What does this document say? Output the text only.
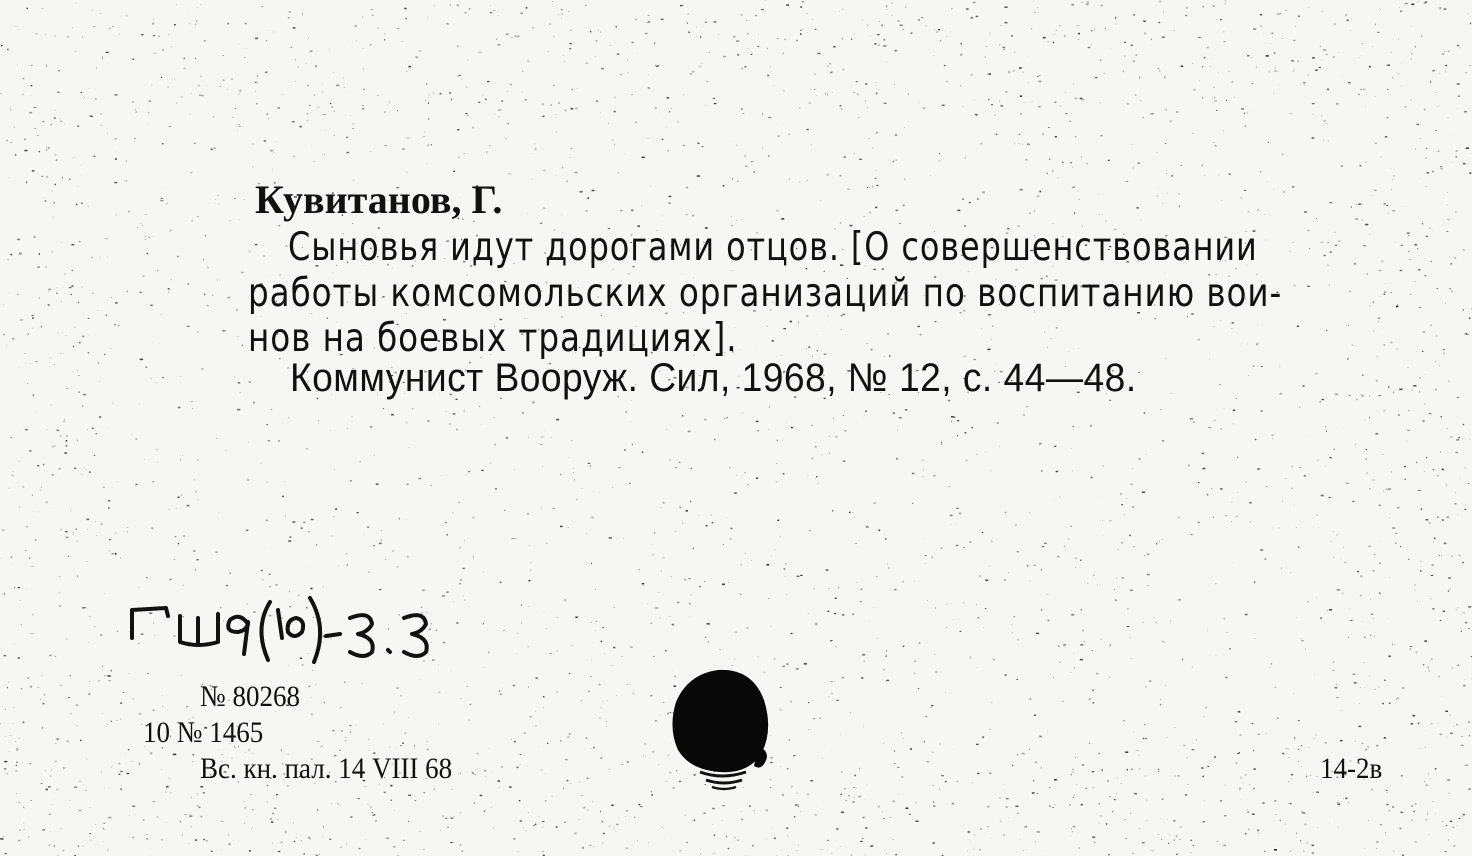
Кувитанов, Г.
Сыновья идут дорогами отцов. [О совершенствовании
работы комсомольских организаций по воспитанию вои-
нов на боевых традициях].
Коммунист Вооруж. Сил, 1968, № 12, с. 44—48.
№ 80268
10 № 1465
Вс. кн. пал. 14 VIII 68	14-2в
